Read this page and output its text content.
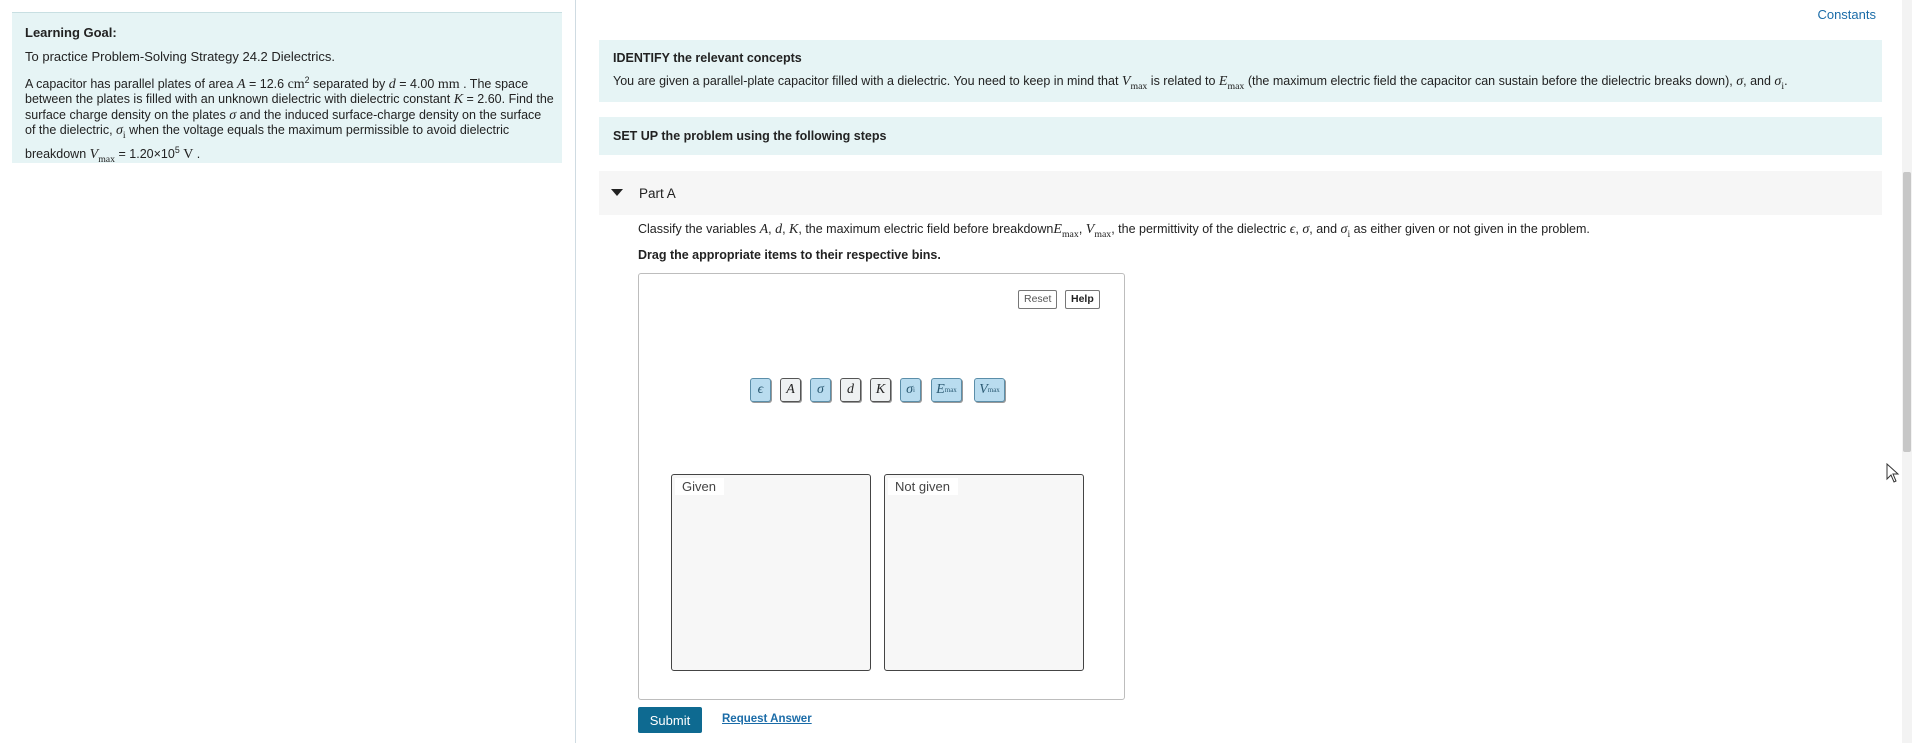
Learning Goal:
To practice Problem-Solving Strategy 24.2 Dielectrics.
A capacitor has parallel plates of area A = 12.6 $cm^2$ separated by d = 4.00 mm . The space between the plates is filled with an unknown dielectric with dielectric constant K = 2.60. Find the surface charge density on the plates σ and the induced surface-charge density on the surface of the dielectric, $\sigma_i$ when the voltage equals the maximum permissible to avoid dielectric breakdown $V_{max} = 1.20\times 10^5$ V .
Constants
IDENTIFY the relevant concepts
You are given a parallel-plate capacitor filled with a dielectric. You need to keep in mind that $V_{max}$ is related to $E_{max}$ (the maximum electric field the capacitor can sustain before the dielectric breaks down), σ, and $\sigma_i$.
SET UP the problem using the following steps
Part A
Classify the variables A, d, K, the maximum electric field before breakdownE$_{max}$, $V_{max}$, the permittivity of the dielectric ϵ, σ, and $\sigma_i$ as either given or not given in the problem.
Drag the appropriate items to their respective bins.
Reset	Help
ϵ A σ d K σ i E max V max
Given	Not given
Submit	Request Answer
